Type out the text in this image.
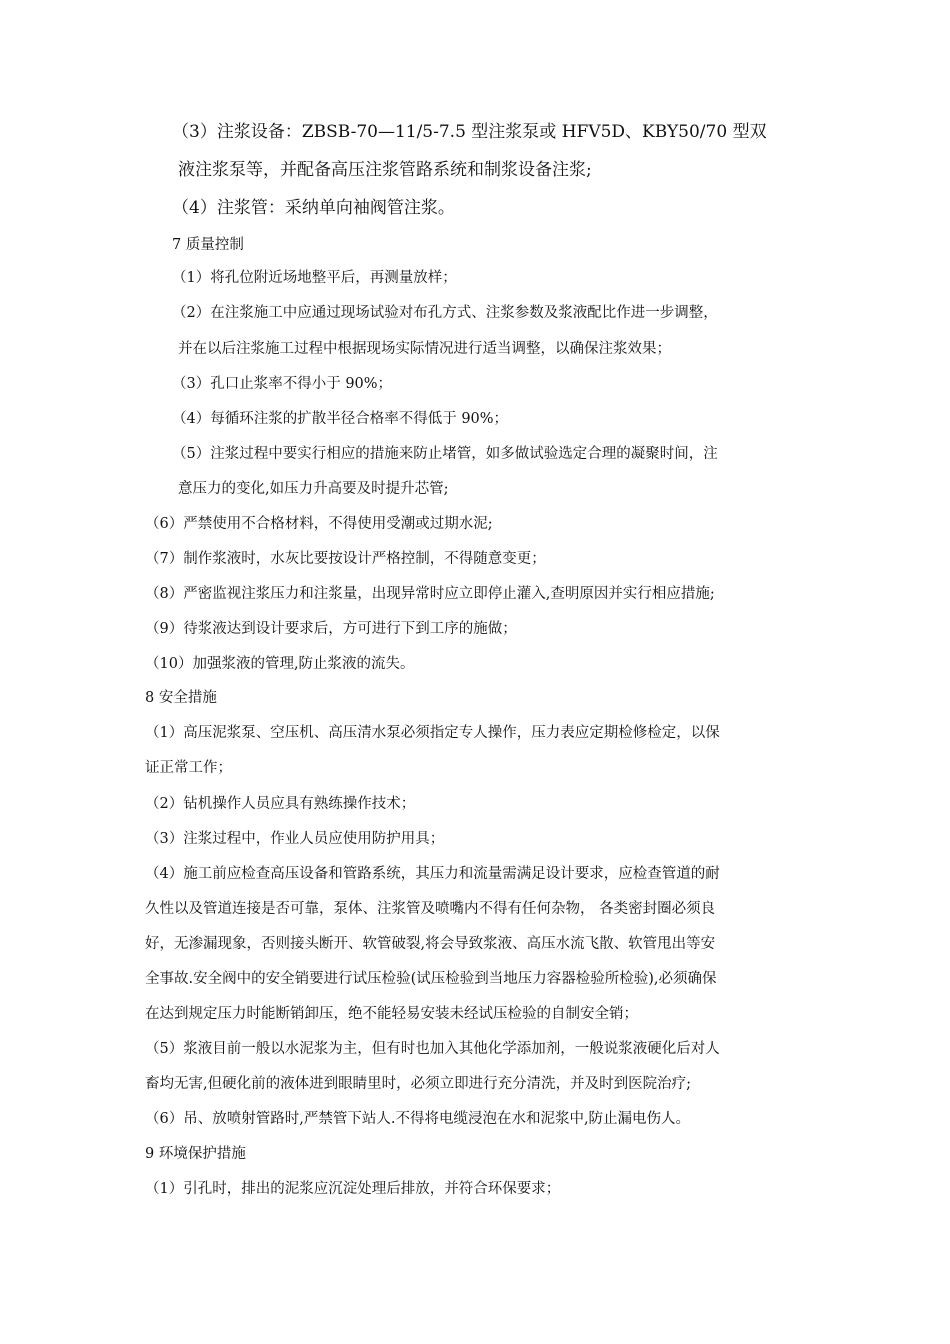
（3）注浆设备：ZBSB-70—11/5-7.5 型注浆泵或 HFV5D、KBY50/70 型双
液注浆泵等，并配备高压注浆管路系统和制浆设备注浆;
（4）注浆管：采纳单向袖阀管注浆。
7 质量控制
（1）将孔位附近场地整平后，再测量放样；
（2）在注浆施工中应通过现场试验对布孔方式、注浆参数及浆液配比作进一步调整，
并在以后注浆施工过程中根据现场实际情况进行适当调整，以确保注浆效果；
（3）孔口止浆率不得小于 90%；
（4）每循环注浆的扩散半径合格率不得低于 90%；
（5）注浆过程中要实行相应的措施来防止堵管，如多做试验选定合理的凝聚时间，注
意压力的变化,如压力升高要及时提升芯管;
（6）严禁使用不合格材料，不得使用受潮或过期水泥;
（7）制作浆液时，水灰比要按设计严格控制，不得随意变更；
（8）严密监视注浆压力和注浆量，出现异常时应立即停止灌入,查明原因并实行相应措施;
（9）待浆液达到设计要求后，方可进行下到工序的施做；
（10）加强浆液的管理,防止浆液的流失。
8 安全措施
（1）高压泥浆泵、空压机、高压清水泵必须指定专人操作，压力表应定期检修检定，以保
证正常工作；
（2）钻机操作人员应具有熟练操作技术；
（3）注浆过程中，作业人员应使用防护用具；
（4）施工前应检查高压设备和管路系统，其压力和流量需满足设计要求，应检查管道的耐
久性以及管道连接是否可靠，泵体、注浆管及喷嘴内不得有任何杂物， 各类密封圈必须良
好，无渗漏现象，否则接头断开、软管破裂,将会导致浆液、高压水流飞散、软管甩出等安
全事故.安全阀中的安全销要进行试压检验(试压检验到当地压力容器检验所检验),必须确保
在达到规定压力时能断销卸压，绝不能轻易安装未经试压检验的自制安全销；
（5）浆液目前一般以水泥浆为主，但有时也加入其他化学添加剂，一般说浆液硬化后对人
畜均无害,但硬化前的液体进到眼睛里时，必须立即进行充分清洗，并及时到医院治疗;
（6）吊、放喷射管路时,严禁管下站人.不得将电缆浸泡在水和泥浆中,防止漏电伤人。
9 环境保护措施
（1）引孔时，排出的泥浆应沉淀处理后排放，并符合环保要求；
